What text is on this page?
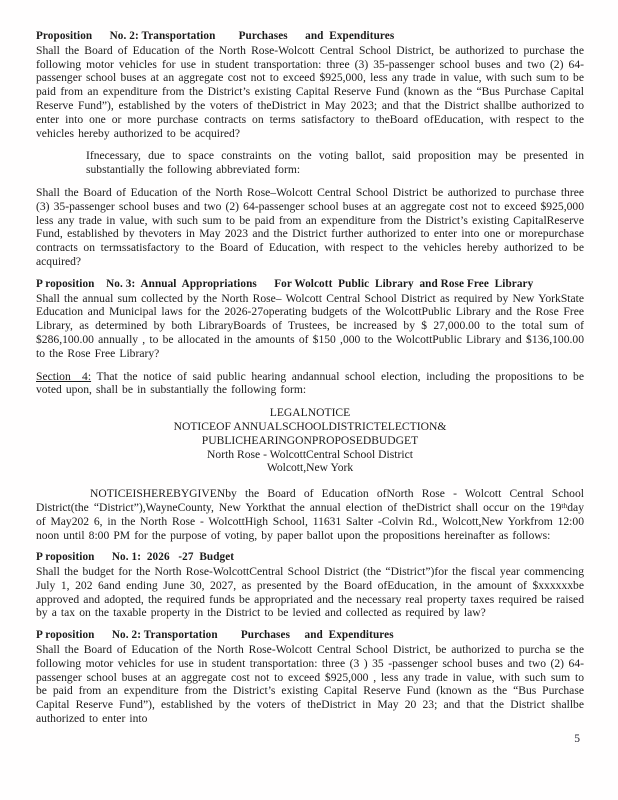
Proposition      No. 2: Transportation        Purchases      and  Expenditures
Shall the Board of Education of the North Rose-Wolcott Central School District, be authorized to purchase the following motor vehicles for use in student transportation: three (3) 35-passenger school buses and two (2) 64-passenger school buses at an aggregate cost not to exceed $925,000, less any trade in value, with such sum to be paid from an expenditure from the District’s existing Capital Reserve Fund (known as the “Bus Purchase Capital Reserve Fund”), established by the voters of theDistrict in May 2023; and that the District shallbe authorized to enter into one or more purchase contracts on terms satisfactory to theBoard ofEducation, with respect to the vehicles hereby authorized to be acquired?
Ifnecessary, due to space constraints on the voting ballot, said proposition may be presented in substantially the following abbreviated form:
Shall the Board of Education of the North Rose–Wolcott Central School District be authorized to purchase three (3) 35-passenger school buses and two (2) 64-passenger school buses at an aggregate cost not to exceed $925,000 less any trade in value, with such sum to be paid from an expenditure from the District’s existing CapitalReserve Fund, established by thevoters in May 2023 and the District further authorized to enter into one or morepurchase contracts on termssatisfactory to the Board of Education, with respect to the vehicles hereby authorized to be acquired?
P roposition    No. 3:  Annual  Appropriations      For Wolcott  Public  Library  and Rose Free  Library
Shall the annual sum collected by the North Rose– Wolcott Central School District as required by New YorkState Education and Municipal laws for the 2026-27operating budgets of the WolcottPublic Library and the Rose Free Library, as determined by both LibraryBoards of Trustees, be increased by $ 27,000.00 to the total sum of $286,100.00 annually , to be allocated in the amounts of $150 ,000 to the WolcottPublic Library and $136,100.00 to the Rose Free Library?
Section  4: That the notice of said public hearing andannual school election, including the propositions to be voted upon, shall be in substantially the following form:
LEGALNOTICE
NOTICEOF ANNUALSCHOOLDISTRICTELECTION&
PUBLICHEARINGONPROPOSEDBUDGET
North Rose - WolcottCentral School District
Wolcott,New York
NOTICEISHEREBYGIVENby the Board of Education ofNorth Rose - Wolcott Central School District(the “District”),WayneCounty, New Yorkthat the annual election of theDistrict shall occur on the 19thday of May202 6, in the North Rose - WolcottHigh School, 11631 Salter -Colvin Rd., Wolcott,New Yorkfrom 12:00 noon until 8:00 PM for the purpose of voting, by paper ballot upon the propositions hereinafter as follows:
P roposition      No. 1:  2026   -27  Budget
Shall the budget for the North Rose-WolcottCentral School District (the “District”)for the fiscal year commencing July 1, 202 6and ending June 30, 2027, as presented by the Board ofEducation, in the amount of $xxxxxxbe approved and adopted, the required funds be appropriated and the necessary real property taxes required be raised by a tax on the taxable property in the District to be levied and collected as required by law?
P roposition      No. 2: Transportation        Purchases     and  Expenditures
Shall the Board of Education of the North Rose-Wolcott Central School District, be authorized to purcha se the following motor vehicles for use in student transportation: three (3 ) 35 -passenger school buses and two (2) 64-passenger school buses at an aggregate cost not to exceed $925,000 , less any trade in value, with such sum to be paid from an expenditure from the District’s existing Capital Reserve Fund (known as the “Bus Purchase Capital Reserve Fund”), established by the voters of theDistrict in May 20 23; and that the District shallbe authorized to enter into
5
